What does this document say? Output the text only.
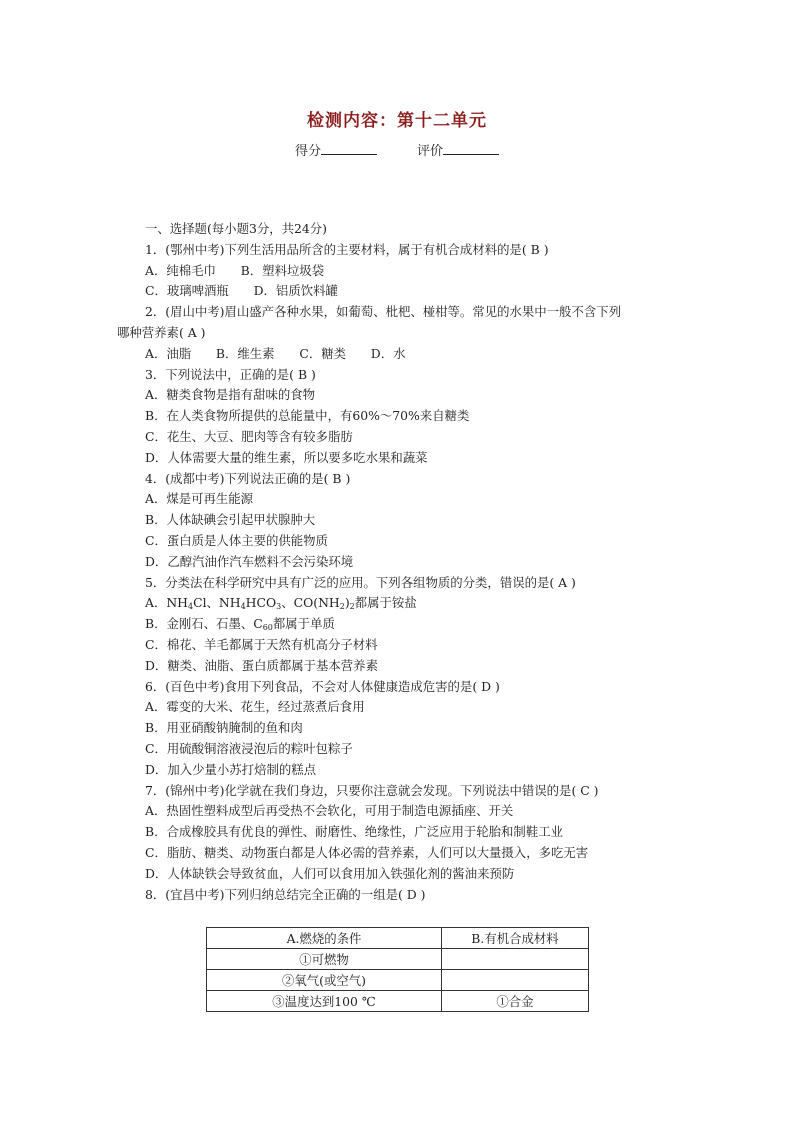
检测内容：第十二单元
得分	评价
一、选择题(每小题3分，共24分)
1．(鄂州中考)下列生活用品所含的主要材料，属于有机合成材料的是( B )
A．纯棉毛巾　　B．塑料垃圾袋
C．玻璃啤酒瓶　　D．铝质饮料罐
2．(眉山中考)眉山盛产各种水果，如葡萄、枇杷、椪柑等。常见的水果中一般不含下列
哪种营养素( A )
A．油脂　　B．维生素　　C．糖类　　D．水
3．下列说法中，正确的是( B )
A．糖类食物是指有甜味的食物
B．在人类食物所提供的总能量中，有60%～70%来自糖类
C．花生、大豆、肥肉等含有较多脂肪
D．人体需要大量的维生素，所以要多吃水果和蔬菜
4．(成都中考)下列说法正确的是( B )
A．煤是可再生能源
B．人体缺碘会引起甲状腺肿大
C．蛋白质是人体主要的供能物质
D．乙醇汽油作汽车燃料不会污染环境
5．分类法在科学研究中具有广泛的应用。下列各组物质的分类，错误的是( A )
A．$NH_4Cl$、$NH_4HCO_3$、$CO(NH_2)_2$都属于铵盐
B．金刚石、石墨、$C_{60}$都属于单质
C．棉花、羊毛都属于天然有机高分子材料
D．糖类、油脂、蛋白质都属于基本营养素
6．(百色中考)食用下列食品，不会对人体健康造成危害的是( D )
A．霉变的大米、花生，经过蒸煮后食用
B．用亚硝酸钠腌制的鱼和肉
C．用硫酸铜溶液浸泡后的粽叶包粽子
D．加入少量小苏打焙制的糕点
7．(锦州中考)化学就在我们身边，只要你注意就会发现。下列说法中错误的是( C )
A．热固性塑料成型后再受热不会软化，可用于制造电源插座、开关
B．合成橡胶具有优良的弹性、耐磨性、绝缘性，广泛应用于轮胎和制鞋工业
C．脂肪、糖类、动物蛋白都是人体必需的营养素，人们可以大量摄入，多吃无害
D．人体缺铁会导致贫血，人们可以食用加入铁强化剂的酱油来预防
8．(宜昌中考)下列归纳总结完全正确的一组是( D )
A.燃烧的条件	B.有机合成材料
①可燃物	
②氧气(或空气)	
③温度达到100 ℃	①合金
